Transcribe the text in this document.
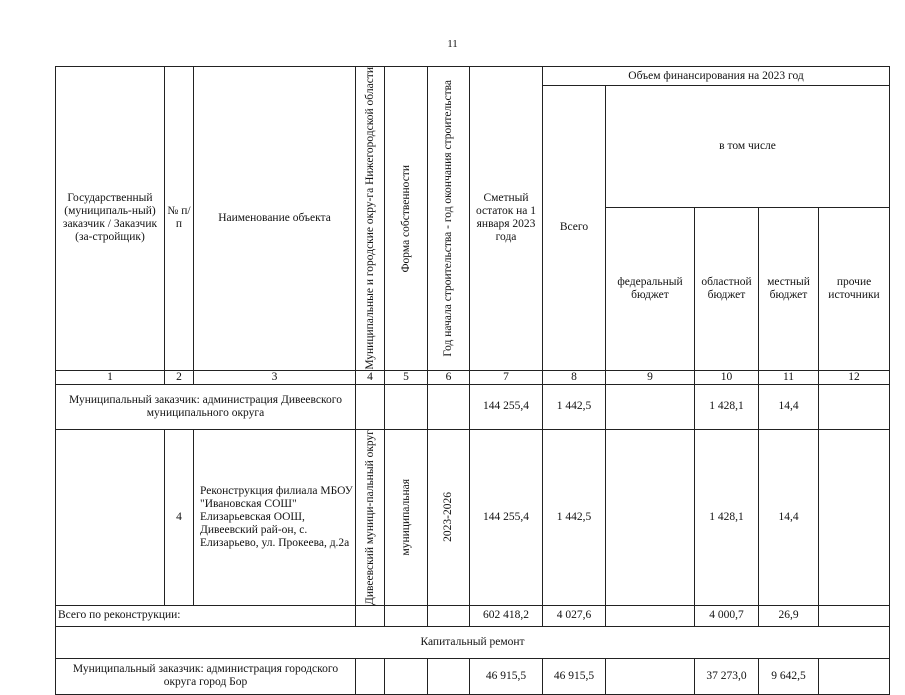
11
Государственный (муниципаль-ный) заказчик / Заказчик (за-стройщик)	№ п/п	Наименование объекта	Муниципальные и городские окру-га Нижегородской области	Форма собственности	Год начала строительства - год окончания строительства	Сметный остаток на 1 января 2023 года	Объем финансирования на 2023 год				
							Всего	в том числе			
								федеральный бюджет	областной бюджет	местный бюджет	прочие источники
1	2	3	4	5	6	7	8	9	10	11	12
Муниципальный заказчик: администрация Дивеевского муниципального округа						144 255,4	1 442,5		1 428,1	14,4	
	4	Реконструкция филиала МБОУ "Ивановская СОШ" Елизарьевская ООШ, Дивеевский рай-он, с. Елизарьево, ул. Прокеева, д.2а	Дивеевский муници-пальный округ	муниципальная	2023-2026	144 255,4	1 442,5		1 428,1	14,4	
Всего по реконструкции:						602 418,2	4 027,6		4 000,7	26,9	
Капитальный ремонт											
Муниципальный заказчик: администрация городского округа город Бор						46 915,5	46 915,5		37 273,0	9 642,5	
